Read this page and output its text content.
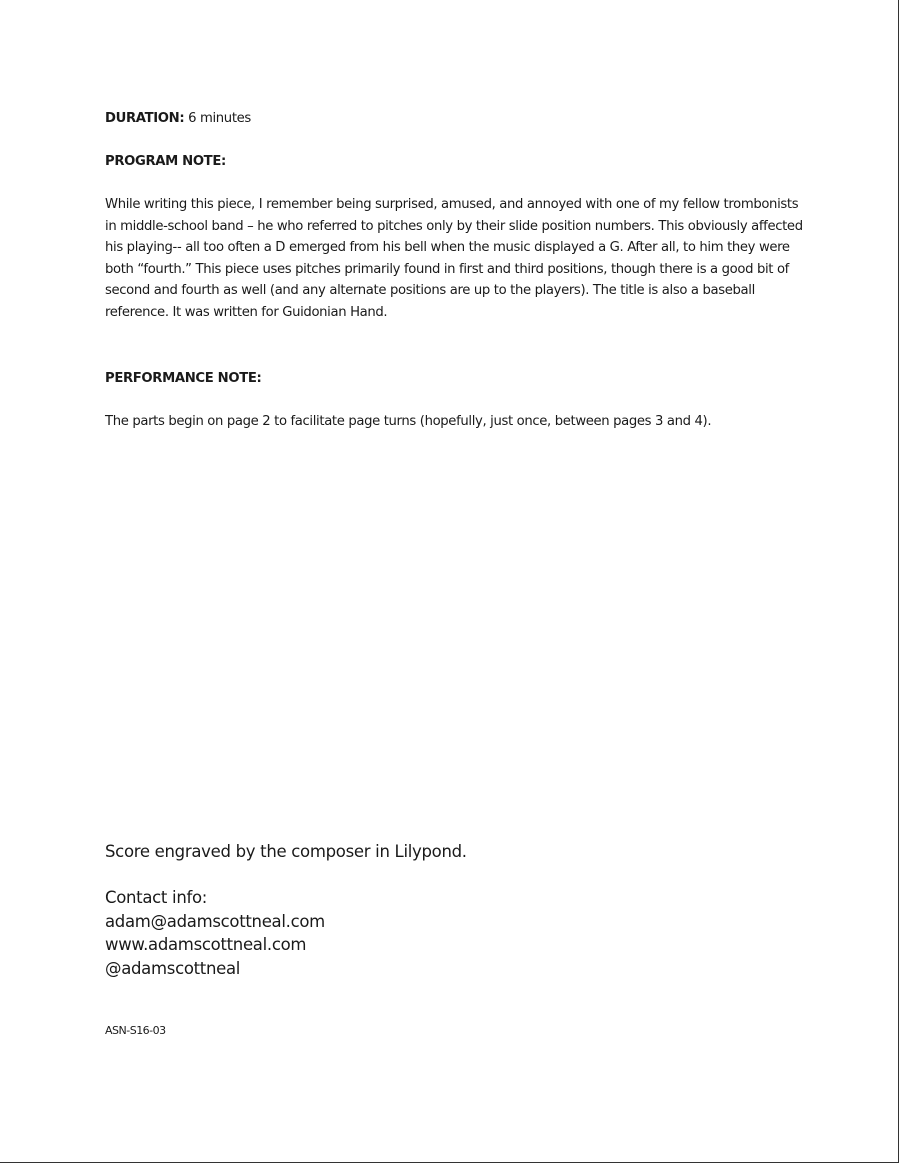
DURATION: 6 minutes

PROGRAM NOTE:

While writing this piece, I remember being surprised, amused, and annoyed with one of my fellow trombonists in middle-school band – he who referred to pitches only by their slide position numbers. This obviously affected his playing-- all too often a D emerged from his bell when the music displayed a G. After all, to him they were both “fourth.” This piece uses pitches primarily found in first and third positions, though there is a good bit of second and fourth as well (and any alternate positions are up to the players). The title is also a baseball reference. It was written for Guidonian Hand.

PERFORMANCE NOTE:

The parts begin on page 2 to facilitate page turns (hopefully, just once, between pages 3 and 4).

Score engraved by the composer in Lilypond.

Contact info:
adam@adamscottneal.com
www.adamscottneal.com
@adamscottneal

ASN-S16-03
